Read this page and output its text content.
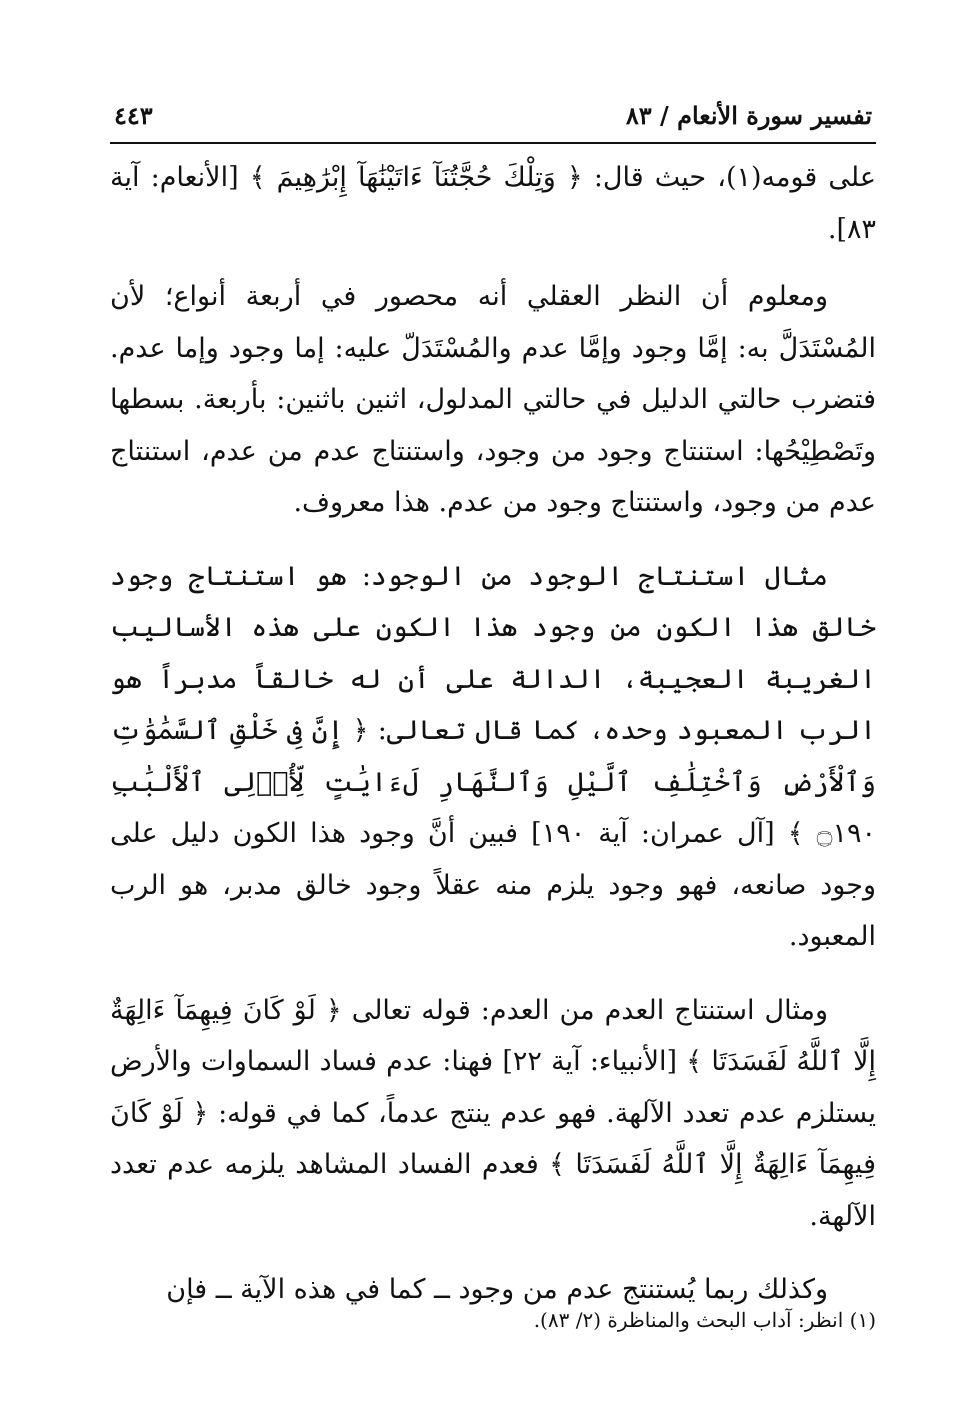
تفسير سورة الأنعام / ٨٣
٤٤٣

على قومه(١)، حيث قال: ﴿ وَتِلْكَ حُجَّتُنَآ ءَاتَيْنَٰهَآ إِبْرَٰهِيمَ ﴾ [الأنعام: آية ٨٣].

ومعلوم أن النظر العقلي أنه محصور في أربعة أنواع؛ لأن المُسْتَدَلَّ به: إمَّا وجود وإمَّا عدم والمُسْتَدَلّ عليه: إما وجود وإما عدم. فتضرب حالتي الدليل في حالتي المدلول، اثنين باثنين: بأربعة. بسطها وتَصْطِيْحُها: استنتاج وجود من وجود، واستنتاج عدم من عدم، استنتاج عدم من وجود، واستنتاج وجود من عدم. هذا معروف.

مثال استنتاج الوجود من الوجود: هو استنتاج وجود خالق هذا الكون من وجود هذا الكون على هذه الأساليب الغريبة العجيبة، الدالة على أن له خالقاً مدبراً هو الرب المعبود وحده، كما قال تعالى: ﴿ إِنَّ فِى خَلْقِ ٱلسَّمَٰوَٰتِ وَٱلْأَرْضِ وَٱخْتِلَٰفِ ٱلَّيْلِ وَٱلنَّهَارِ لَءَايَٰتٍ لِّأُو۟لِى ٱلْأَلْبَٰبِ ۝١٩٠ ﴾ [آل عمران: آية ١٩٠] فبين أنَّ وجود هذا الكون دليل على وجود صانعه، فهو وجود يلزم منه عقلاً وجود خالق مدبر، هو الرب المعبود.

ومثال استنتاج العدم من العدم: قوله تعالى ﴿ لَوْ كَانَ فِيهِمَآ ءَالِهَةٌ إِلَّا ٱللَّهُ لَفَسَدَتَا ﴾ [الأنبياء: آية ٢٢] فهنا: عدم فساد السماوات والأرض يستلزم عدم تعدد الآلهة. فهو عدم ينتج عدماً، كما في قوله: ﴿ لَوْ كَانَ فِيهِمَآ ءَالِهَةٌ إِلَّا ٱللَّهُ لَفَسَدَتَا ﴾ فعدم الفساد المشاهد يلزمه عدم تعدد الآلهة.

وكذلك ربما يُستنتج عدم من وجود ــ كما في هذه الآية ــ فإن

(١) انظر: آداب البحث والمناظرة (٢/ ٨٣).
